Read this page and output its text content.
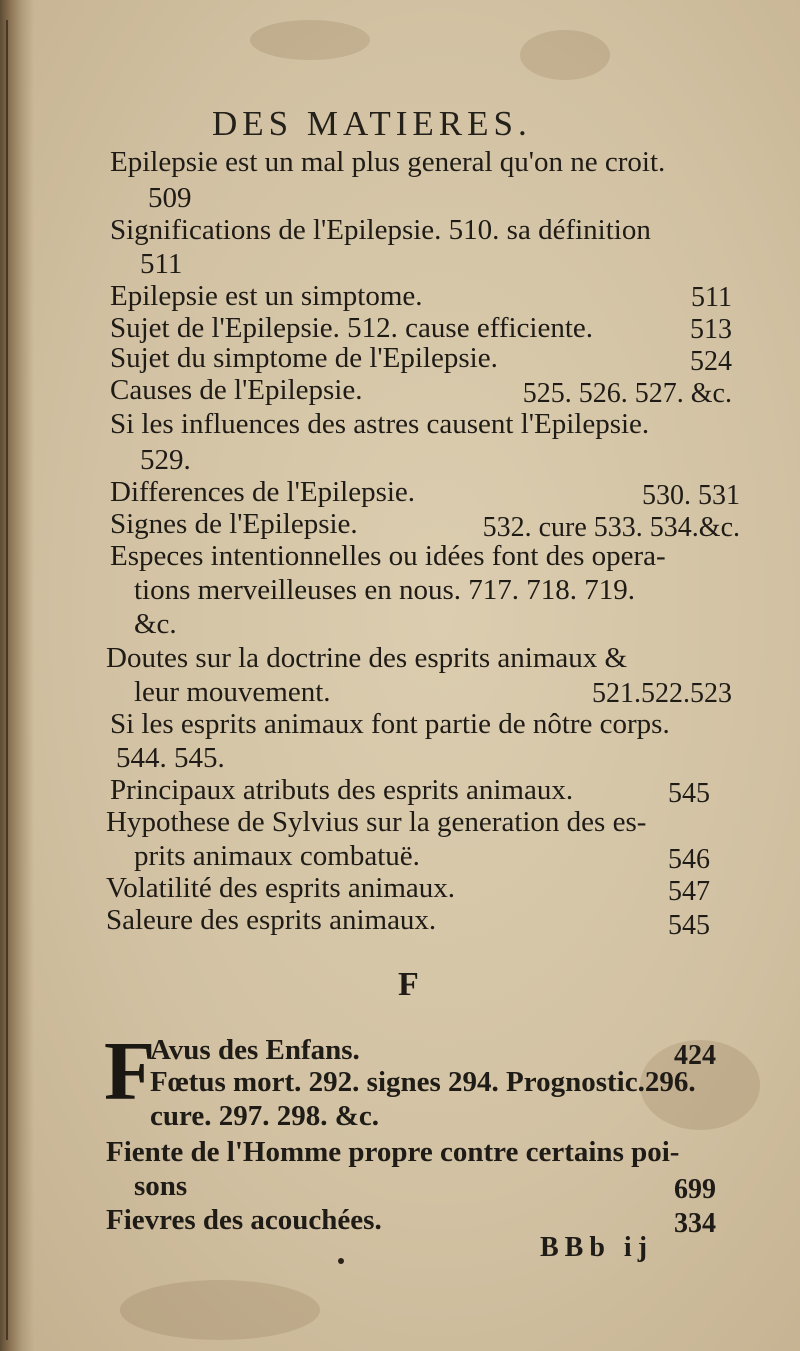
DES MATIERES.
Epilepsie est un mal plus general qu'on ne croit.
509
Significations de l'Epilepsie. 510. sa définition
511
Epilepsie est un simptome.	511
Sujet de l'Epilepsie. 512. cause efficiente.	513
Sujet du simptome de l'Epilepsie.	524
Causes de l'Epilepsie.	525. 526. 527. &c.
Si les influences des astres causent l'Epilepsie.
529.
Differences de l'Epilepsie.	530. 531
Signes de l'Epilepsie.	532. cure 533. 534.&c.
Especes intentionnelles ou idées font des opera-
tions merveilleuses en nous. 717. 718. 719.
&c.
Doutes sur la doctrine des esprits animaux &
leur mouvement.	521.522.523
Si les esprits animaux font partie de nôtre corps.
544. 545.
Principaux atributs des esprits animaux.	545
Hypothese de Sylvius sur la generation des es-
prits animaux combatuë.	546
Volatilité des esprits animaux.	547
Saleure des esprits animaux.	545
F
F
Avus des Enfans.	424
Fœtus mort. 292. signes 294. Prognostic.296.
cure. 297. 298. &c.
Fiente de l'Homme propre contre certains poi-
sons	699
Fievres des acouchées.	334
BBb ij
